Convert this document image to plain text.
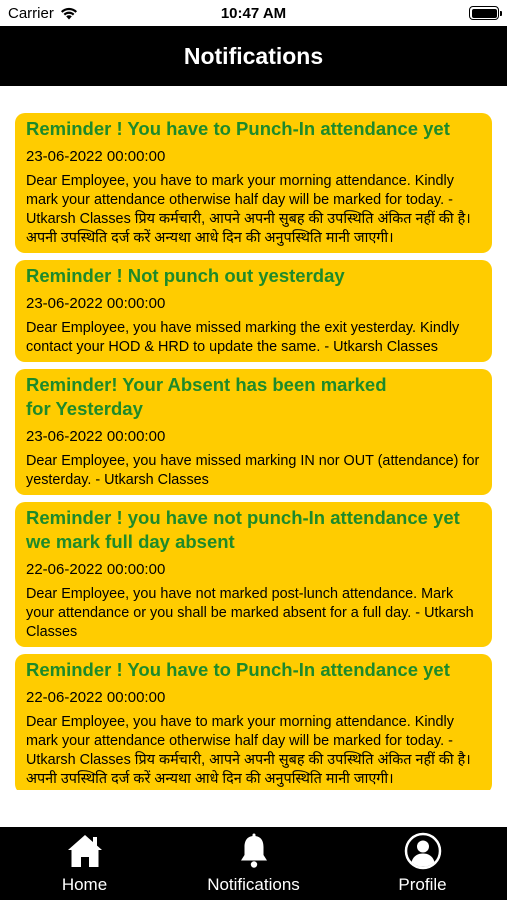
Carrier	10:47 AM
Notifications
Reminder ! You have to Punch-In attendance yet
23-06-2022 00:00:00
Dear Employee, you have to mark your morning attendance. Kindly mark your attendance otherwise half day will be marked for today. - Utkarsh Classes प्रिय कर्मचारी, आपने अपनी सुबह की उपस्थिति अंकित नहीं की है। अपनी उपस्थिति दर्ज करें अन्यथा आधे दिन की अनुपस्थिति मानी जाएगी।
Reminder ! Not punch out yesterday
23-06-2022 00:00:00
Dear Employee, you have missed marking the exit yesterday. Kindly contact your HOD & HRD to update the same. - Utkarsh Classes
Reminder! Your Absent has been marked for Yesterday
23-06-2022 00:00:00
Dear Employee, you have missed marking IN nor OUT (attendance) for yesterday. - Utkarsh Classes
Reminder ! you have not punch-In attendance yet we mark full day absent
22-06-2022 00:00:00
Dear Employee, you have not marked post-lunch attendance. Mark your attendance or you shall be marked absent for a full day. - Utkarsh Classes
Reminder ! You have to Punch-In attendance yet
22-06-2022 00:00:00
Dear Employee, you have to mark your morning attendance. Kindly mark your attendance otherwise half day will be marked for today. - Utkarsh Classes प्रिय कर्मचारी, आपने अपनी सुबह की उपस्थिति अंकित नहीं की है। अपनी उपस्थिति दर्ज करें अन्यथा आधे दिन की अनुपस्थिति मानी जाएगी।
Home	Notifications	Profile
